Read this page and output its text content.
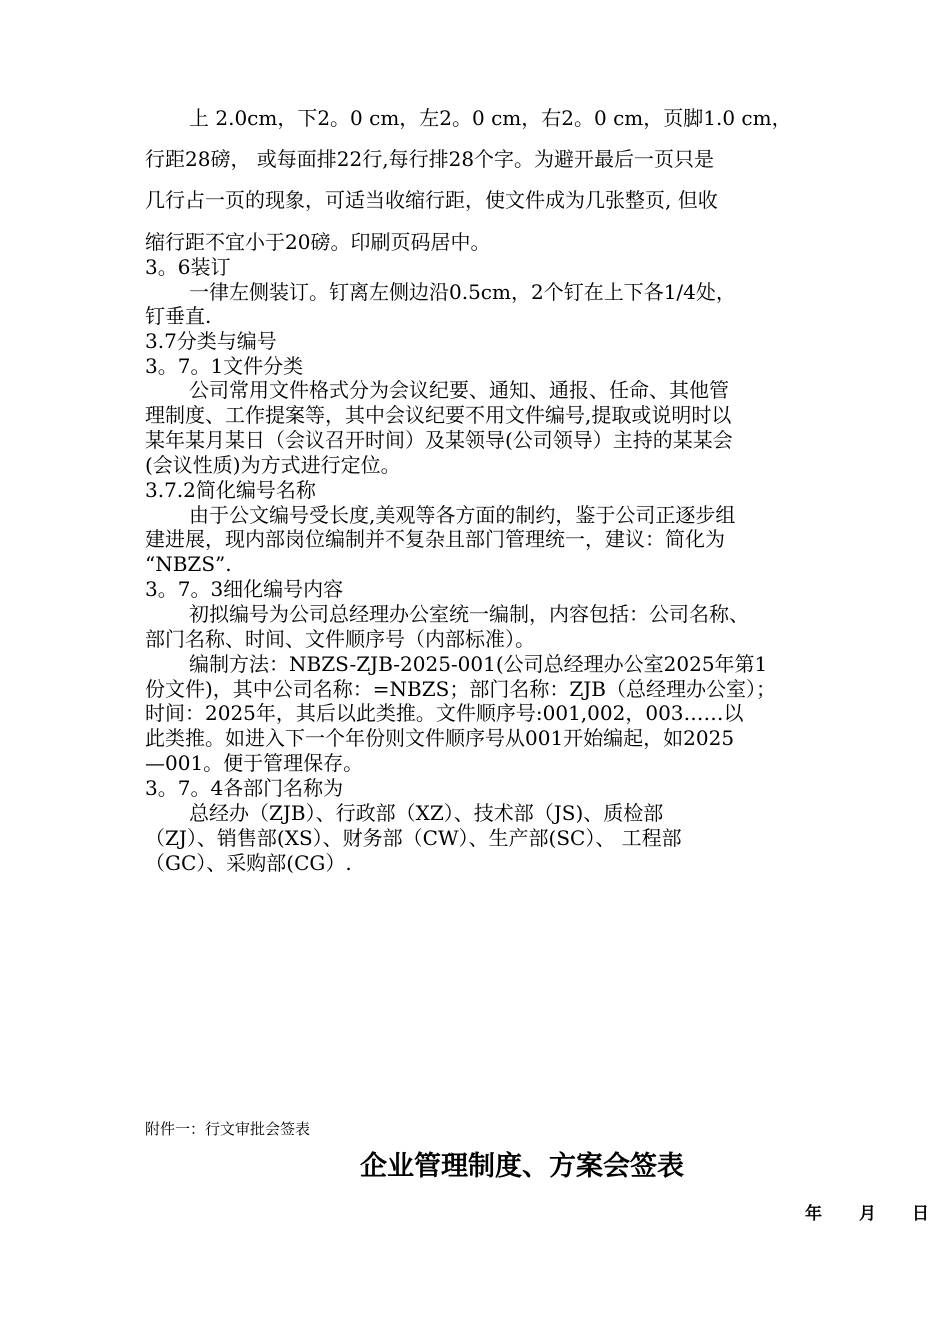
上 2.0cm，下2。0 cm，左2。0 cm，右2。0 cm，页脚1.0 cm，
行距28磅， 或每面排22行,每行排28个字。为避开最后一页只是
几行占一页的现象，可适当收缩行距，使文件成为几张整页, 但收
缩行距不宜小于20磅。印刷页码居中。
3。6装订
一律左侧装订。钉离左侧边沿0.5cm，2个钉在上下各1/4处，
钉垂直.
3.7分类与编号
3。7。1文件分类
公司常用文件格式分为会议纪要、通知、通报、任命、其他管
理制度、工作提案等，其中会议纪要不用文件编号,提取或说明时以
某年某月某日（会议召开时间）及某领导(公司领导）主持的某某会
(会议性质)为方式进行定位。
3.7.2简化编号名称
由于公文编号受长度,美观等各方面的制约，鉴于公司正逐步组
建进展，现内部岗位编制并不复杂且部门管理统一，建议：简化为
“NBZS”.
3。7。3细化编号内容
初拟编号为公司总经理办公室统一编制，内容包括：公司名称、
部门名称、时间、文件顺序号（内部标准）。
编制方法：NBZS-ZJB-2025-001(公司总经理办公室2025年第1
份文件)，其中公司名称：=NBZS；部门名称：ZJB（总经理办公室）；
时间：2025年，其后以此类推。文件顺序号:001,002，003……以
此类推。如进入下一个年份则文件顺序号从001开始编起，如2025
—001。便于管理保存。
3。7。4各部门名称为
总经办（ZJB）、行政部（XZ）、技术部（JS)、质检部
（ZJ）、销售部(XS）、财务部（CW）、生产部(SC）、 工程部
（GC）、采购部(CG）.
附件一：行文审批会签表
企业管理制度、方案会签表
年 月 日
